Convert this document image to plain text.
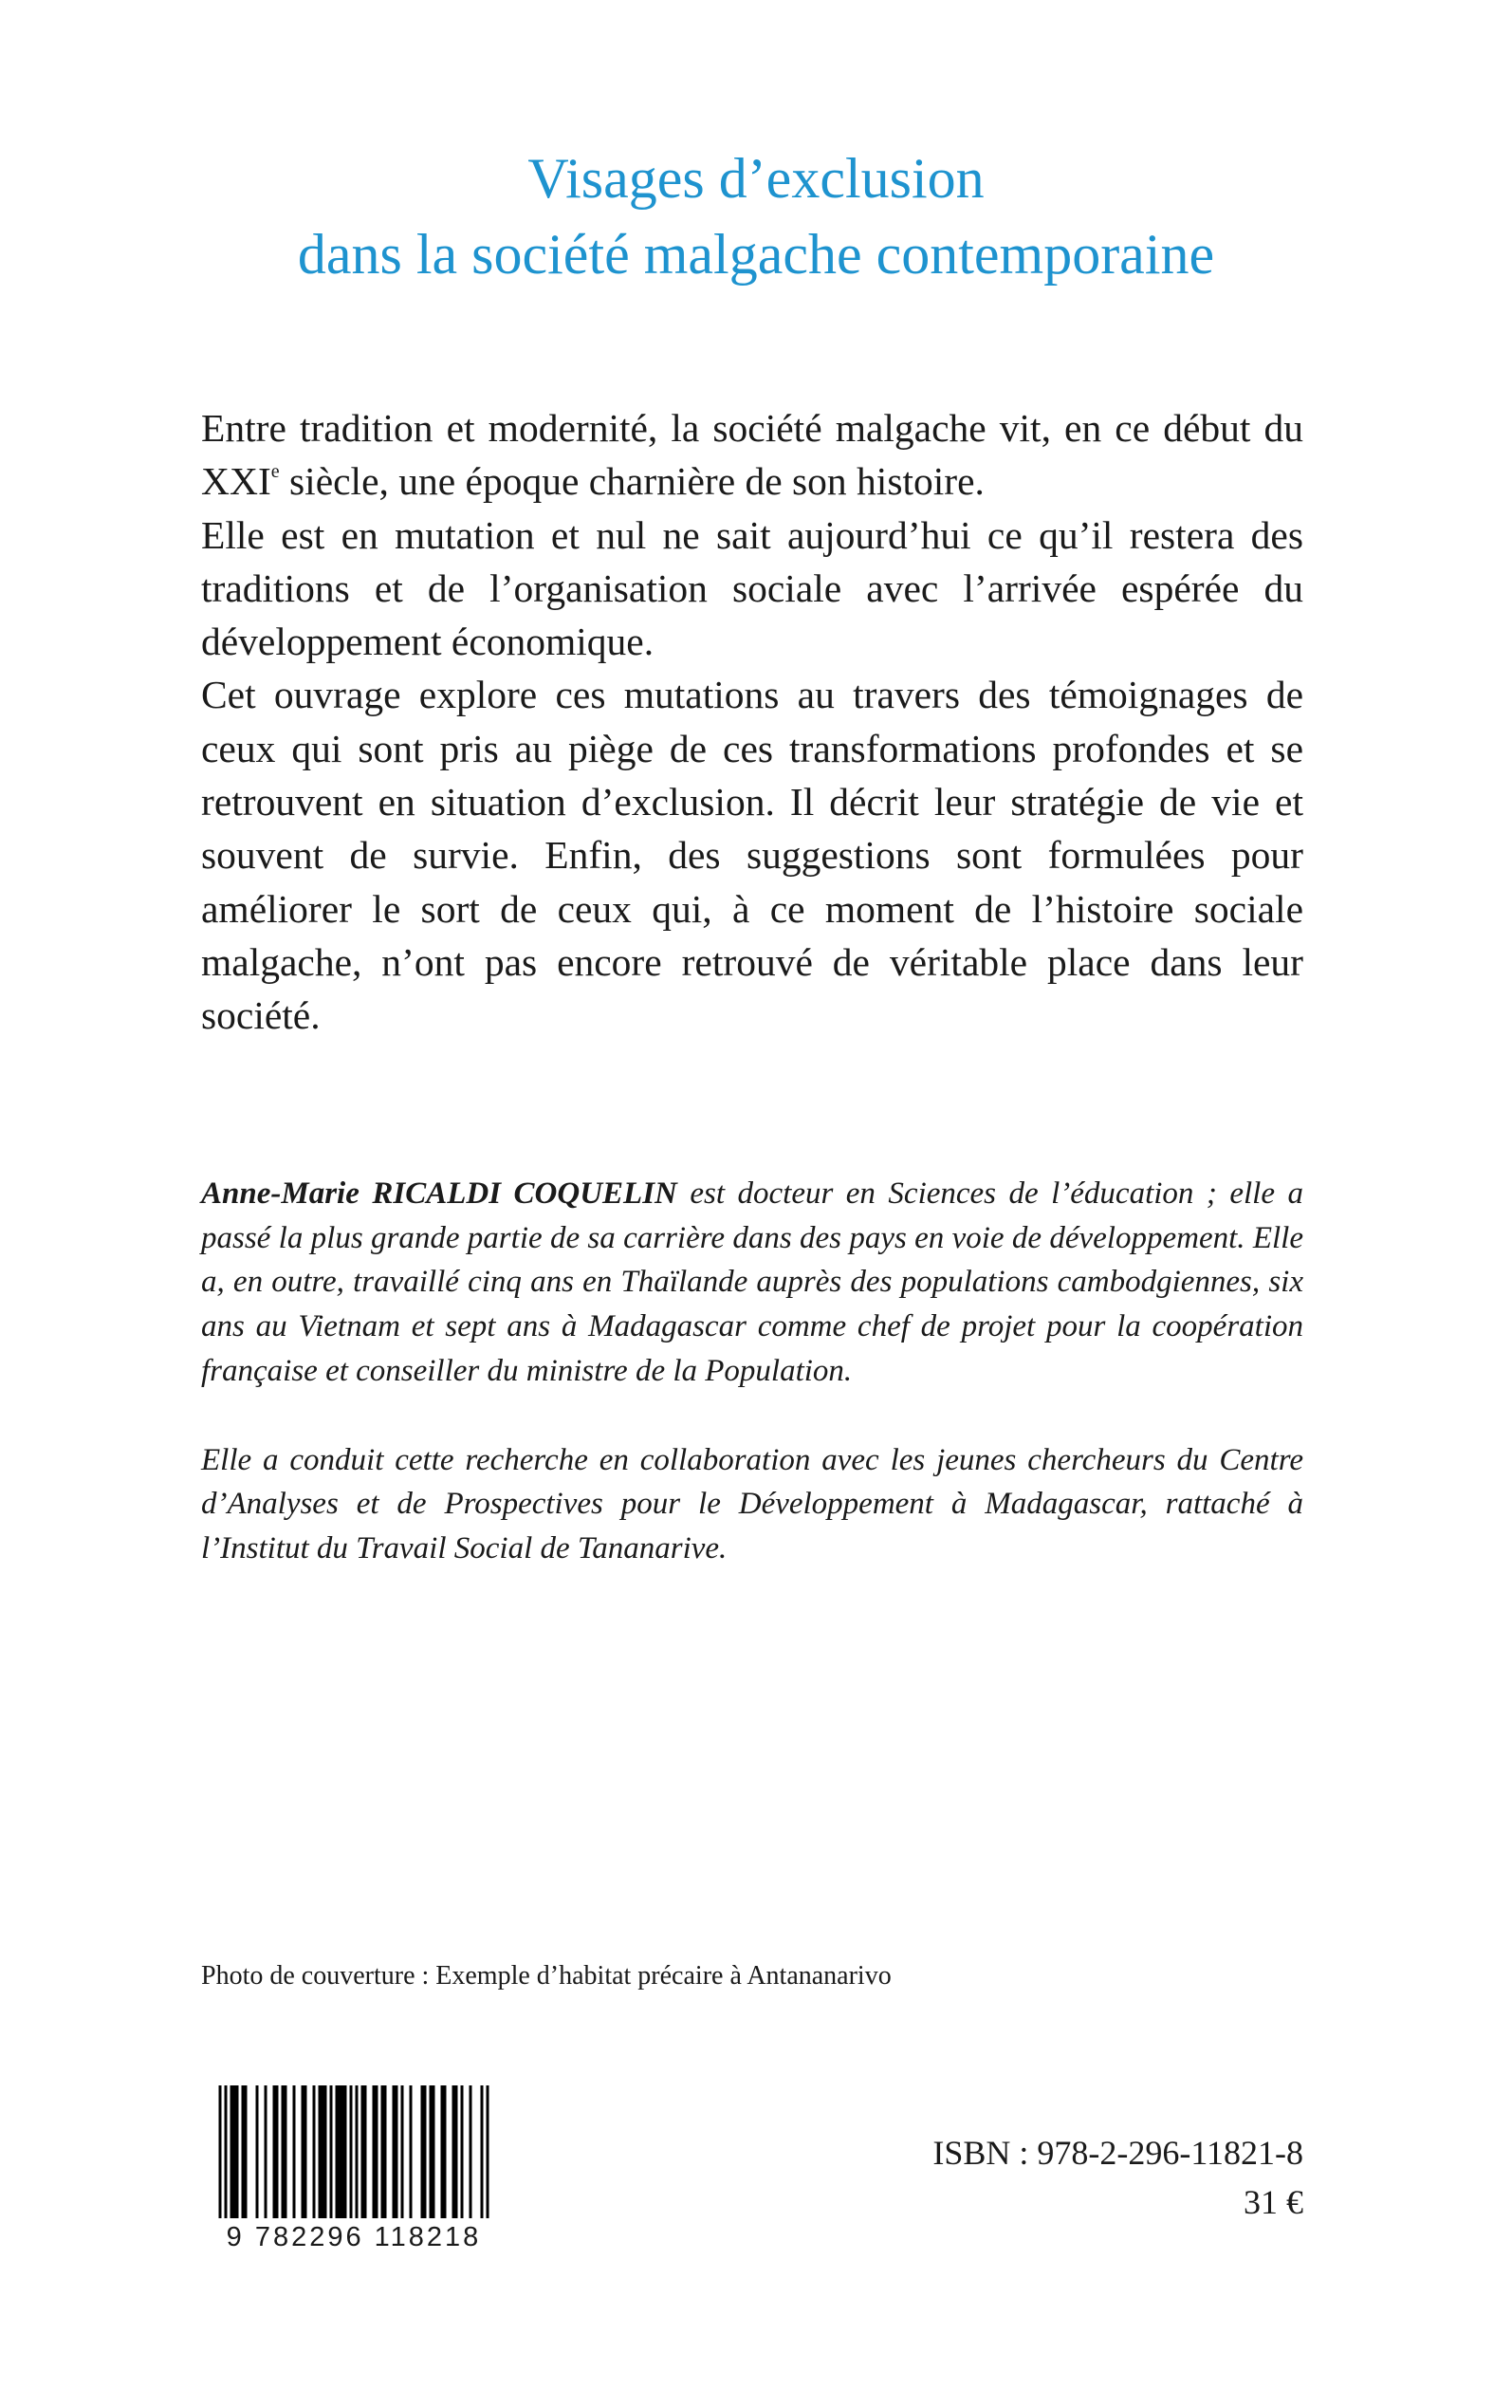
Visages d’exclusion
dans la société malgache contemporaine

Entre tradition et modernité, la société malgache vit, en ce début du XXIe siècle, une époque charnière de son histoire.

Elle est en mutation et nul ne sait aujourd’hui ce qu’il restera des traditions et de l’organisation sociale avec l’arrivée espérée du développement économique.

Cet ouvrage explore ces mutations au travers des témoignages de ceux qui sont pris au piège de ces transformations profondes et se retrouvent en situation d’exclusion. Il décrit leur stratégie de vie et souvent de survie. Enfin, des suggestions sont formulées pour améliorer le sort de ceux qui, à ce moment de l’histoire sociale malgache, n’ont pas encore retrouvé de véritable place dans leur société.

Anne-Marie RICALDI COQUELIN est docteur en Sciences de l’éducation ; elle a passé la plus grande partie de sa carrière dans des pays en voie de développement. Elle a, en outre, travaillé cinq ans en Thaïlande auprès des populations cambodgiennes, six ans au Vietnam et sept ans à Madagascar comme chef de projet pour la coopération française et conseiller du ministre de la Population.

Elle a conduit cette recherche en collaboration avec les jeunes chercheurs du Centre d’Analyses et de Prospectives pour le Développement à Madagascar, rattaché à l’Institut du Travail Social de Tananarive.

Photo de couverture : Exemple d’habitat précaire à Antananarivo
9 782296 118218
ISBN : 978-2-296-11821-8
31 €
